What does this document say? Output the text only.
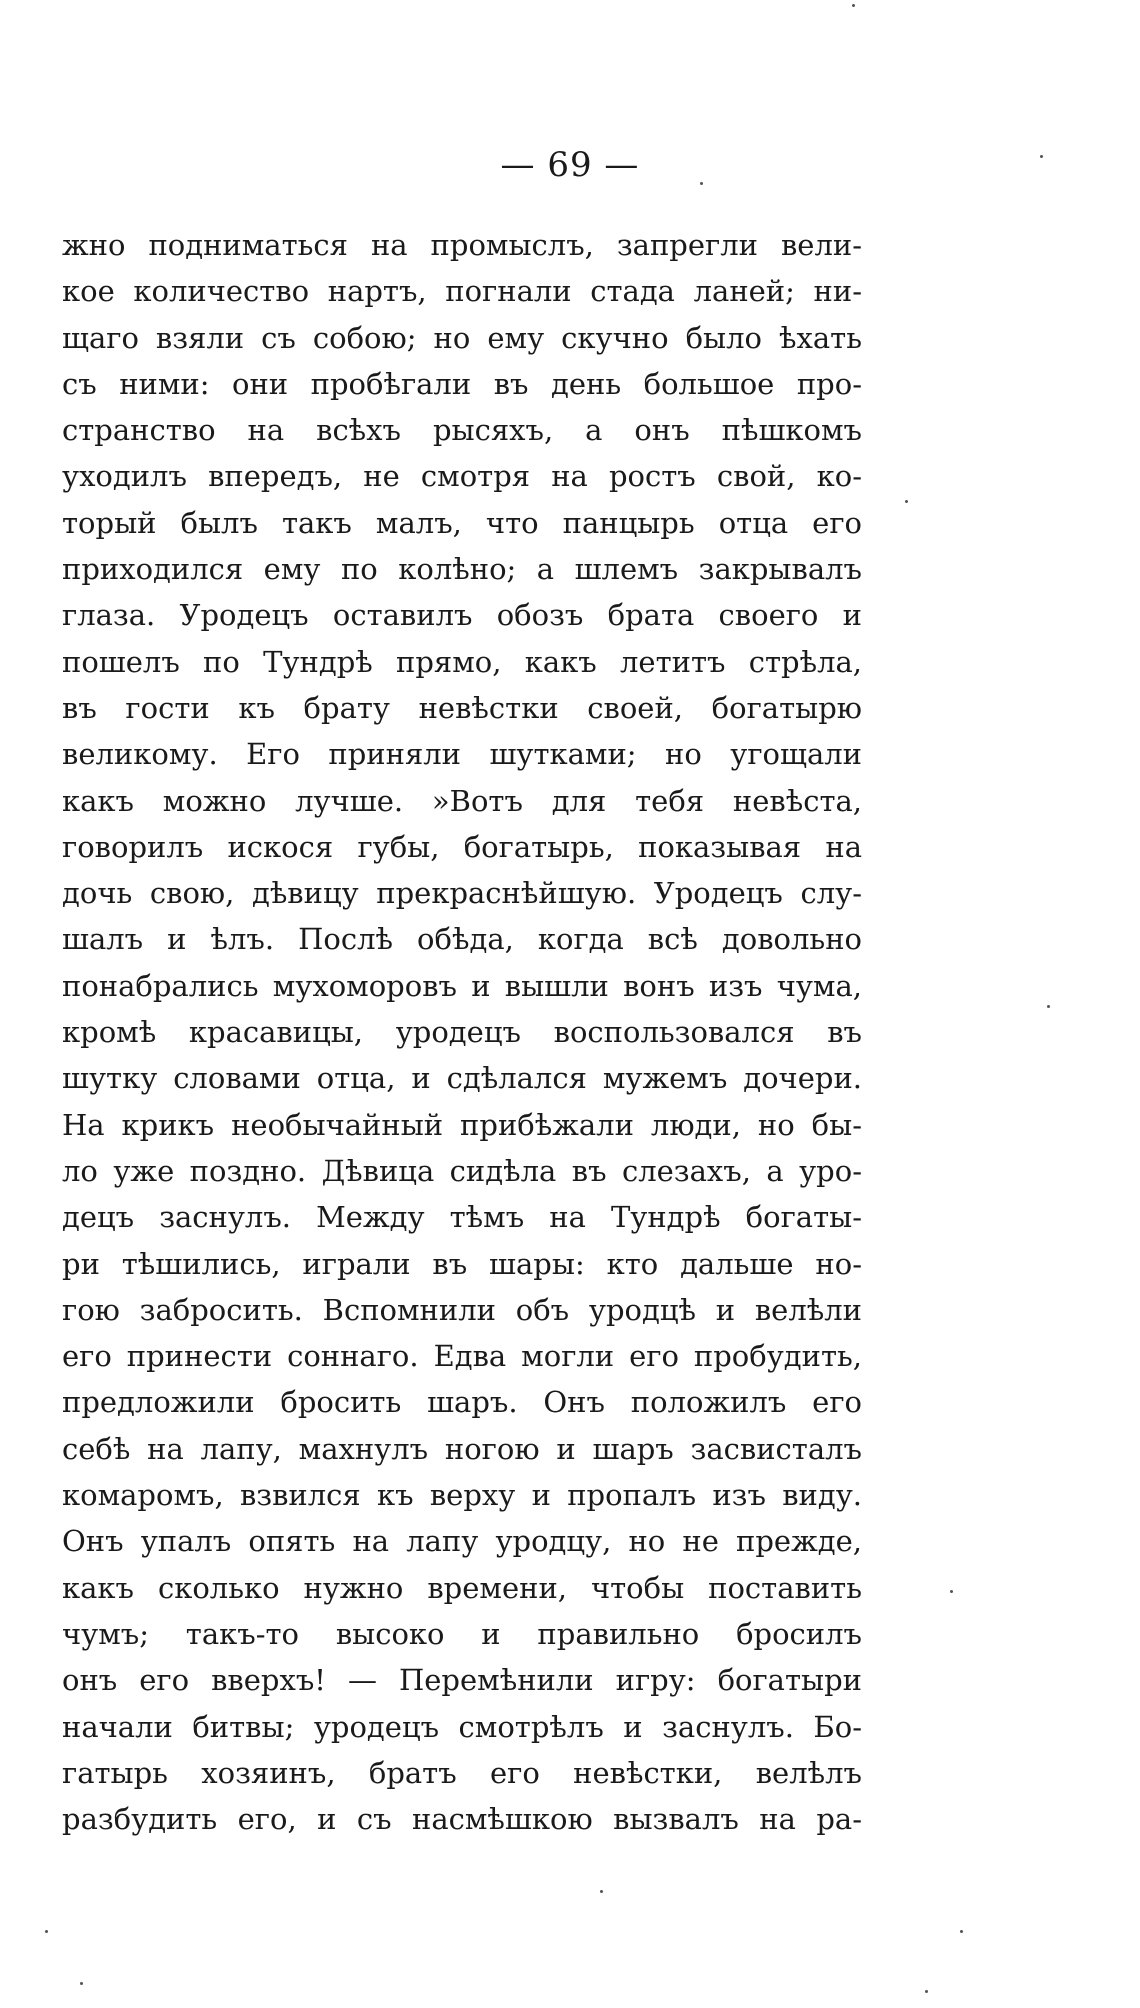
— 69 —
жно подниматься на промыслъ, запрегли вели-
кое количество нартъ, погнали стада ланей; ни-
щаго взяли съ собою; но ему скучно было ѣхать
съ ними: они пробѣгали въ день большое про-
странство на всѣхъ рысяхъ, а онъ пѣшкомъ
уходилъ впередъ, не смотря на ростъ свой, ко-
торый былъ такъ малъ, что панцырь отца его
приходился ему по колѣно; а шлемъ закрывалъ
глаза. Уродецъ оставилъ обозъ брата своего и
пошелъ по Тундрѣ прямо, какъ летитъ стрѣла,
въ гости къ брату невѣстки своей, богатырю
великому. Его приняли шутками; но угощали
какъ можно лучше. »Вотъ для тебя невѣста,
говорилъ искося губы, богатырь, показывая на
дочь свою, дѣвицу прекраснѣйшую. Уродецъ слу-
шалъ и ѣлъ. Послѣ обѣда, когда всѣ довольно
понабрались мухоморовъ и вышли вонъ изъ чума,
кромѣ красавицы, уродецъ воспользовался въ
шутку словами отца, и сдѣлался мужемъ дочери.
На крикъ необычайный прибѣжали люди, но бы-
ло уже поздно. Дѣвица сидѣла въ слезахъ, а уро-
децъ заснулъ. Между тѣмъ на Тундрѣ богаты-
ри тѣшились, играли въ шары: кто дальше но-
гою забросить. Вспомнили объ уродцѣ и велѣли
его принести соннаго. Едва могли его пробудить,
предложили бросить шаръ. Онъ положилъ его
себѣ на лапу, махнулъ ногою и шаръ засвисталъ
комаромъ, взвился къ верху и пропалъ изъ виду.
Онъ упалъ опять на лапу уродцу, но не прежде,
какъ сколько нужно времени, чтобы поставить
чумъ; такъ-то высоко и правильно бросилъ
онъ его вверхъ! — Перемѣнили игру: богатыри
начали битвы; уродецъ смотрѣлъ и заснулъ. Бо-
гатырь хозяинъ, братъ его невѣстки, велѣлъ
разбудить его, и съ насмѣшкою вызвалъ на ра-
